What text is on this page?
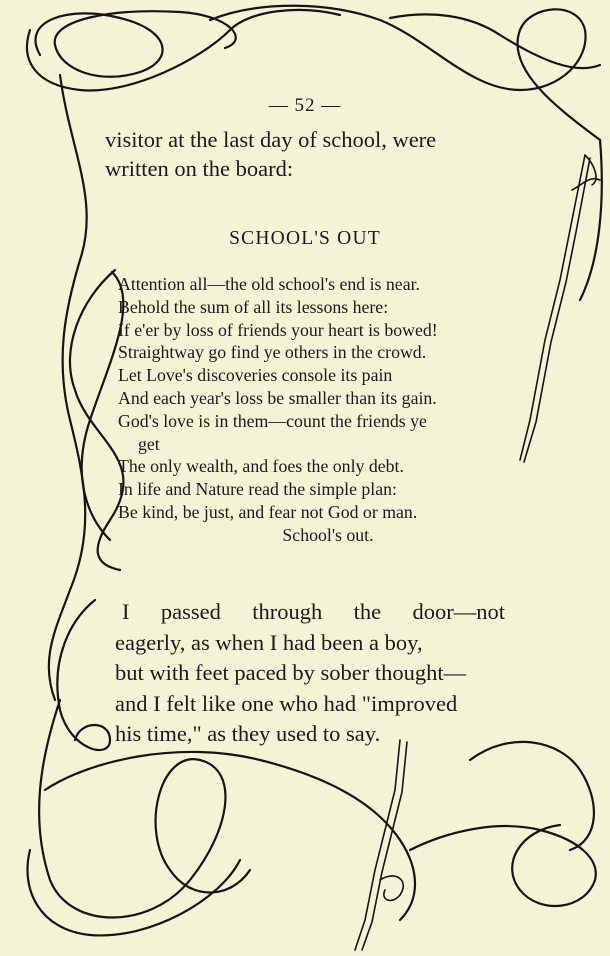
— 52 —
visitor at the last day of school, were
written on the board:
SCHOOL'S OUT
Attention all—the old school's end is near.
Behold the sum of all its lessons here:
If e'er by loss of friends your heart is bowed!
Straightway go find ye others in the crowd.
Let Love's discoveries console its pain
And each year's loss be smaller than its gain.
God's love is in them—count the friends ye
get
The only wealth, and foes the only debt.
In life and Nature read the simple plan:
Be kind, be just, and fear not God or man.
School's out.
I passed through the door—not
eagerly, as when I had been a boy,
but with feet paced by sober thought—
and I felt like one who had "improved
his time," as they used to say.
